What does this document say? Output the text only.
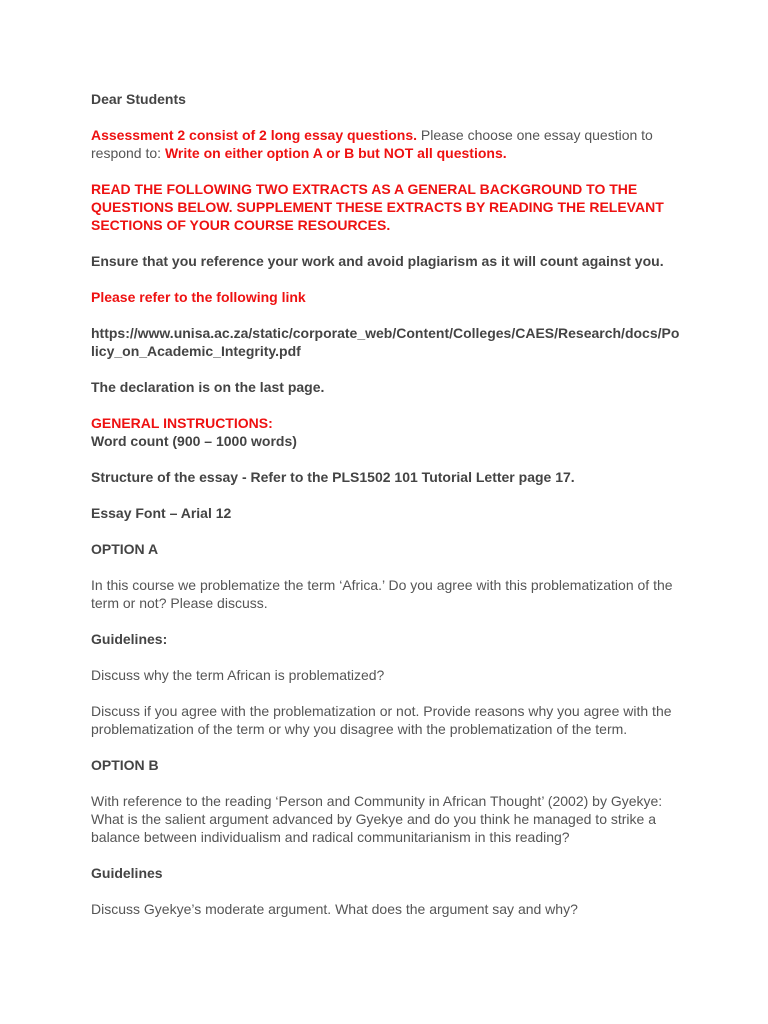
Dear Students

Assessment 2 consist of 2 long essay questions. Please choose one essay question to respond to: Write on either option A or B but NOT all questions.

READ THE FOLLOWING TWO EXTRACTS AS A GENERAL BACKGROUND TO THE QUESTIONS BELOW. SUPPLEMENT THESE EXTRACTS BY READING THE RELEVANT SECTIONS OF YOUR COURSE RESOURCES.

Ensure that you reference your work and avoid plagiarism as it will count against you.

Please refer to the following link

https://www.unisa.ac.za/static/corporate_web/Content/Colleges/CAES/Research/docs/Po
licy_on_Academic_Integrity.pdf

The declaration is on the last page.

GENERAL INSTRUCTIONS:
Word count (900 – 1000 words)

Structure of the essay - Refer to the PLS1502 101 Tutorial Letter page 17.

Essay Font – Arial 12

OPTION A

In this course we problematize the term ‘Africa.’ Do you agree with this problematization of the term or not? Please discuss.

Guidelines:

Discuss why the term African is problematized?

Discuss if you agree with the problematization or not. Provide reasons why you agree with the problematization of the term or why you disagree with the problematization of the term.

OPTION B

With reference to the reading ‘Person and Community in African Thought’ (2002) by Gyekye: What is the salient argument advanced by Gyekye and do you think he managed to strike a balance between individualism and radical communitarianism in this reading?

Guidelines

Discuss Gyekye’s moderate argument. What does the argument say and why?
